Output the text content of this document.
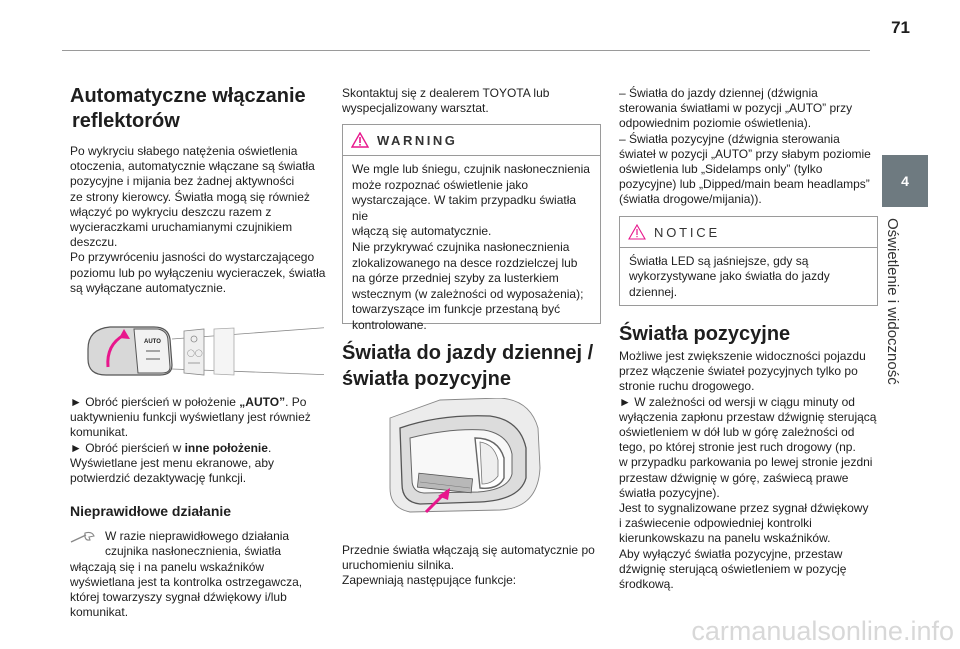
71
4
Oświetlenie i widoczność
Automatyczne włączanie
reflektorów

Po wykryciu słabego natężenia oświetlenia
otoczenia, automatycznie włączane są światła
pozycyjne i mijania bez żadnej aktywności
ze strony kierowcy. Światła mogą się również
włączyć po wykryciu deszczu razem z
wycieraczkami uruchamianymi czujnikiem
deszczu.
Po przywróceniu jasności do wystarczającego
poziomu lub po wyłączeniu wycieraczek, światła
są wyłączane automatycznie.

AUTO
◯◯

► Obróć pierścień w położenie „AUTO”. Po
uaktywnieniu funkcji wyświetlany jest również
komunikat.
► Obróć pierścień w inne położenie.
Wyświetlane jest menu ekranowe, aby
potwierdzić dezaktywację funkcji.

Nieprawidłowe działanie

W razie nieprawidłowego działania
czujnika nasłonecznienia, światła

włączają się i na panelu wskaźników
wyświetlana jest ta kontrolka ostrzegawcza,
której towarzyszy sygnał dźwiękowy i/lub
komunikat.

Skontaktuj się z dealerem TOYOTA lub
wyspecjalizowany warsztat.

WARNING

We mgle lub śniegu, czujnik nasłonecznienia
może rozpoznać oświetlenie jako
wystarczające. W takim przypadku światła nie
włączą się automatycznie.
Nie przykrywać czujnika nasłonecznienia
zlokalizowanego na desce rozdzielczej lub
na górze przedniej szyby za lusterkiem
wstecznym (w zależności od wyposażenia);
towarzyszące im funkcje przestaną być
kontrolowane.

Światła do jazdy dziennej /
światła pozycyjne

Przednie światła włączają się automatycznie po
uruchomieniu silnika.
Zapewniają następujące funkcje:

– Światła do jazdy dziennej (dźwignia
sterowania światłami w pozycji „AUTO” przy
odpowiednim poziomie oświetlenia).
– Światła pozycyjne (dźwignia sterowania
świateł w pozycji „AUTO” przy słabym poziomie
oświetlenia lub „Sidelamps only” (tylko
pozycyjne) lub „Dipped/main beam headlamps”
(światła drogowe/mijania)).

NOTICE

Światła LED są jaśniejsze, gdy są
wykorzystywane jako światła do jazdy
dziennej.

Światła pozycyjne

Możliwe jest zwiększenie widoczności pojazdu
przez włączenie świateł pozycyjnych tylko po
stronie ruchu drogowego.
► W zależności od wersji w ciągu minuty od
wyłączenia zapłonu przestaw dźwignię sterującą
oświetleniem w dół lub w górę zależności od
tego, po której stronie jest ruch drogowy (np.
w przypadku parkowania po lewej stronie jezdni
przestaw dźwignię w górę, zaświecą prawe
światła pozycyjne).
Jest to sygnalizowane przez sygnał dźwiękowy
i zaświecenie odpowiedniej kontrolki
kierunkowskazu na panelu wskaźników.
Aby wyłączyć światła pozycyjne, przestaw
dźwignię sterującą oświetleniem w pozycję
środkową.

carmanualsonline.info
